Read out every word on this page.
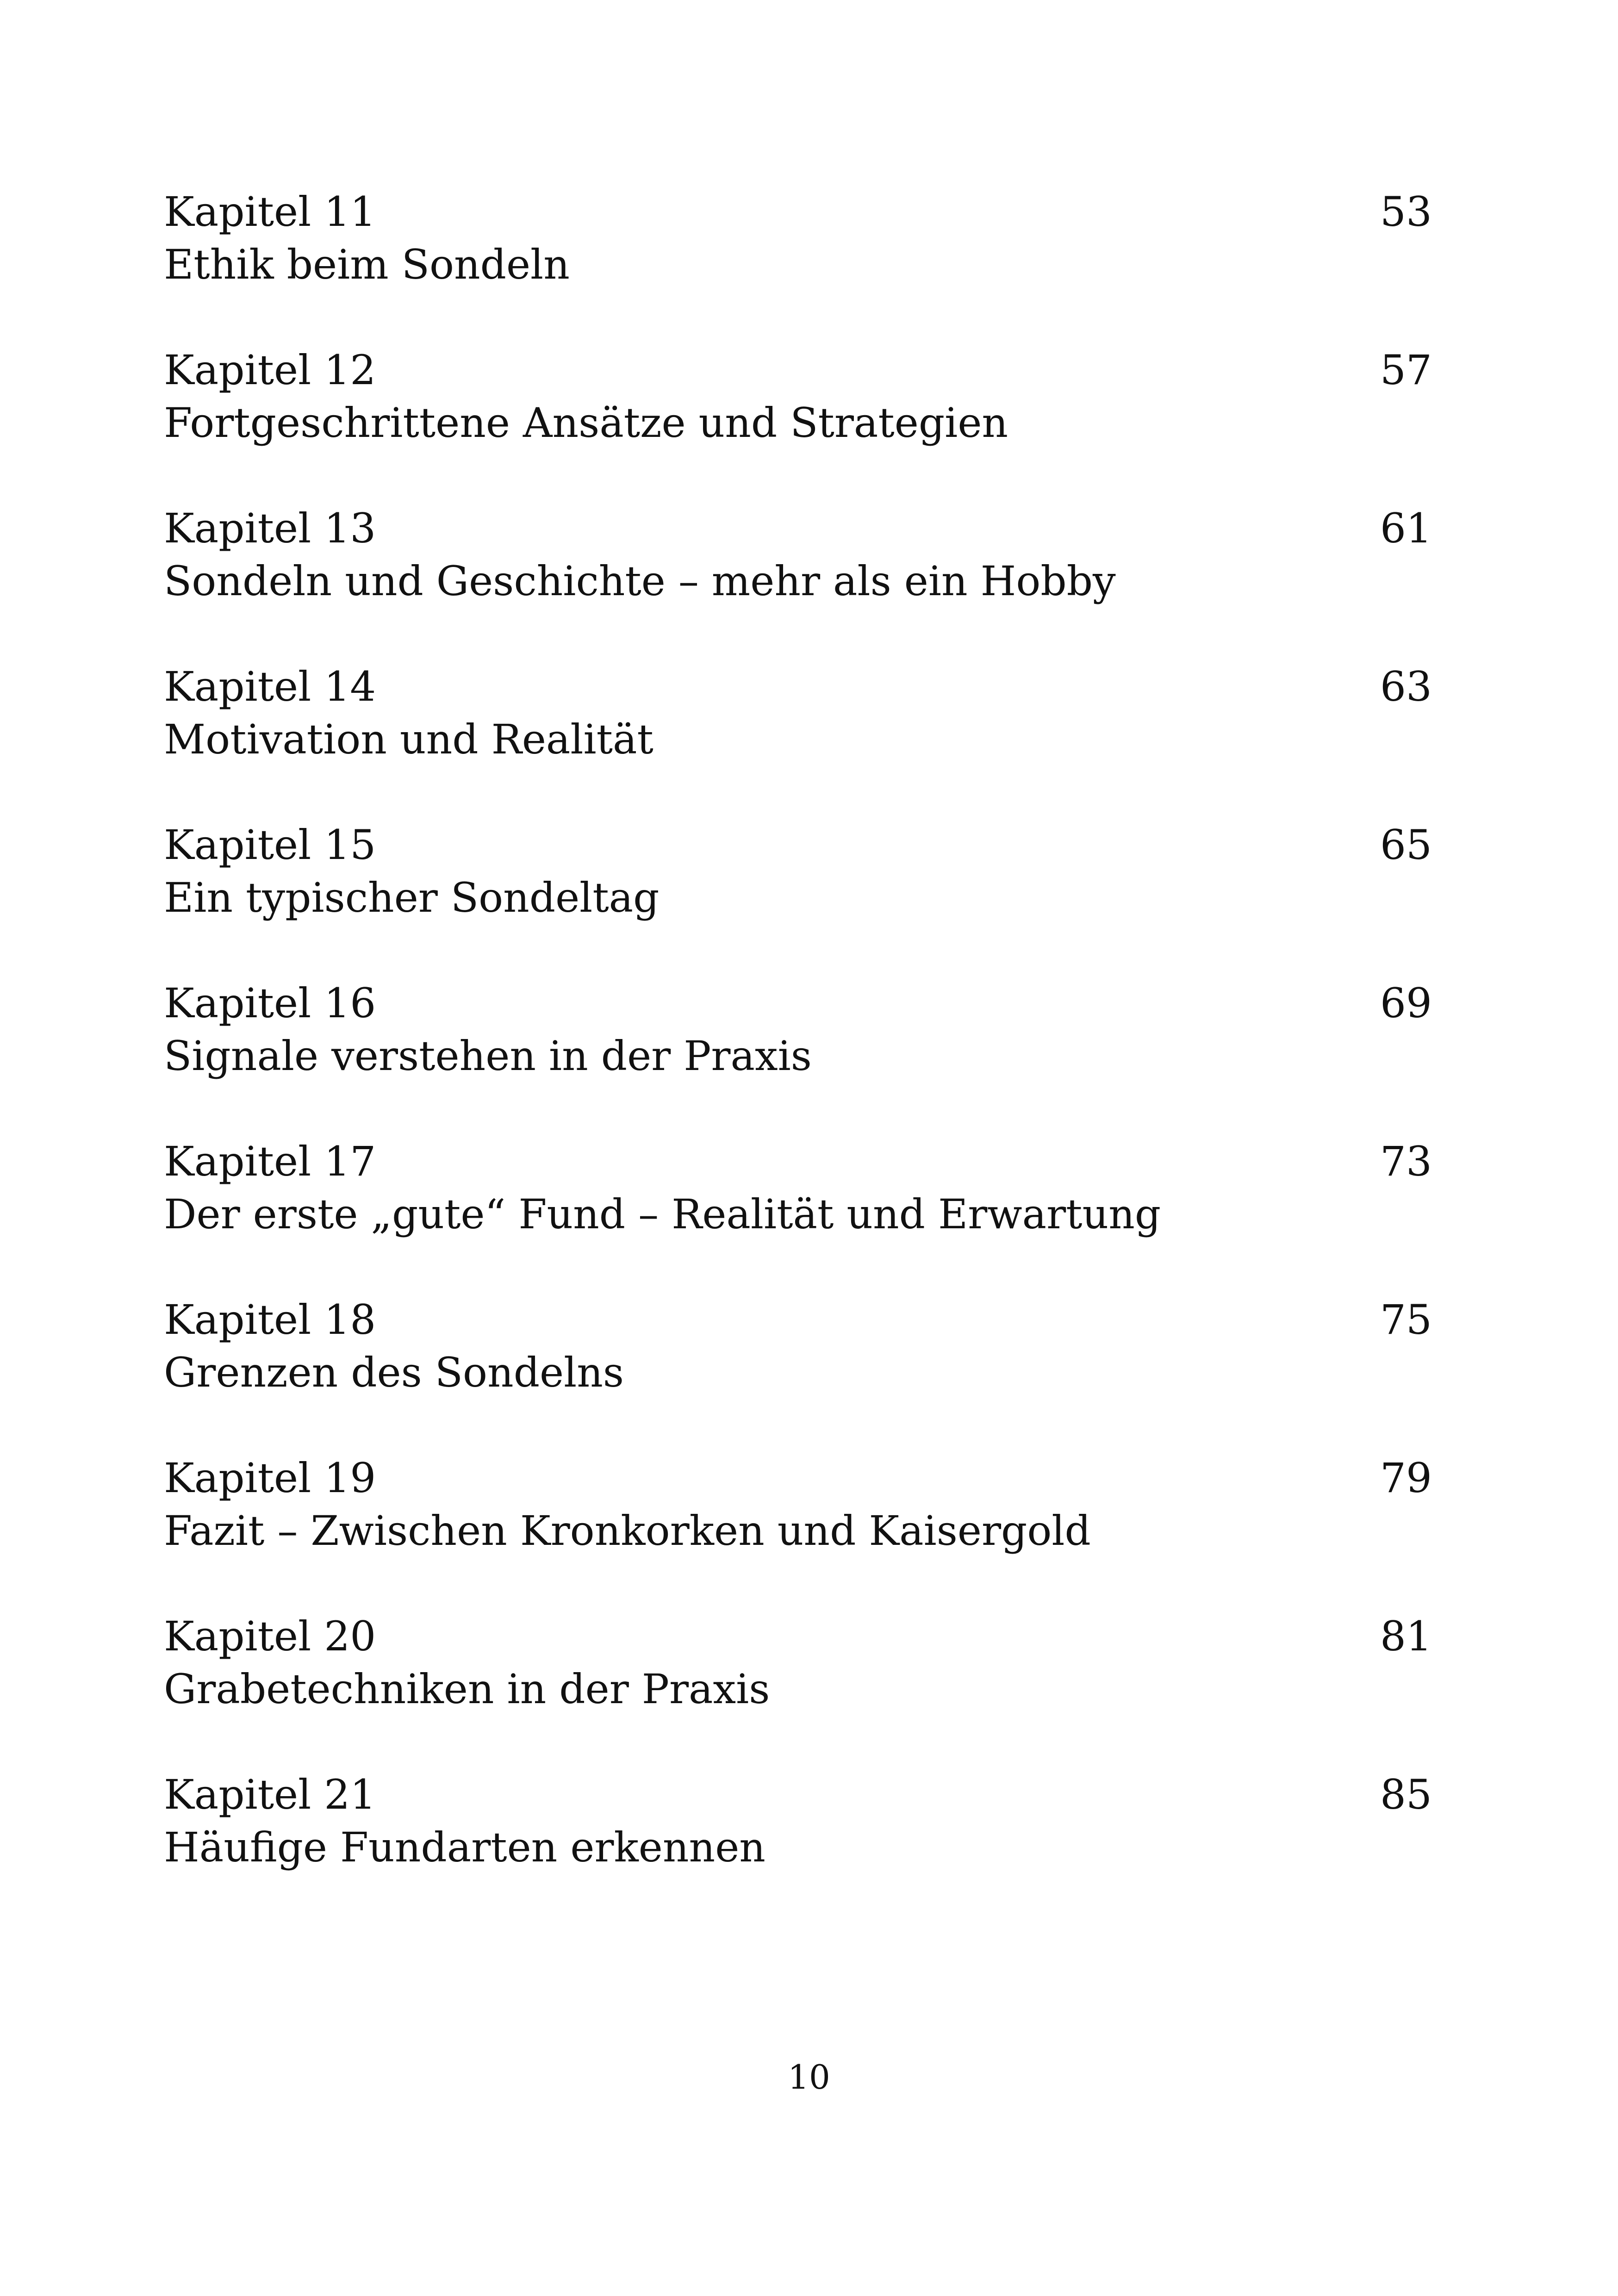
Kapitel 11	53
Ethik beim Sondeln
Kapitel 12	57
Fortgeschrittene Ansätze und Strategien
Kapitel 13	61
Sondeln und Geschichte – mehr als ein Hobby
Kapitel 14	63
Motivation und Realität
Kapitel 15	65
Ein typischer Sondeltag
Kapitel 16	69
Signale verstehen in der Praxis
Kapitel 17	73
Der erste „gute“ Fund – Realität und Erwartung
Kapitel 18	75
Grenzen des Sondelns
Kapitel 19	79
Fazit – Zwischen Kronkorken und Kaisergold
Kapitel 20	81
Grabetechniken in der Praxis
Kapitel 21	85
Häufige Fundarten erkennen
10
